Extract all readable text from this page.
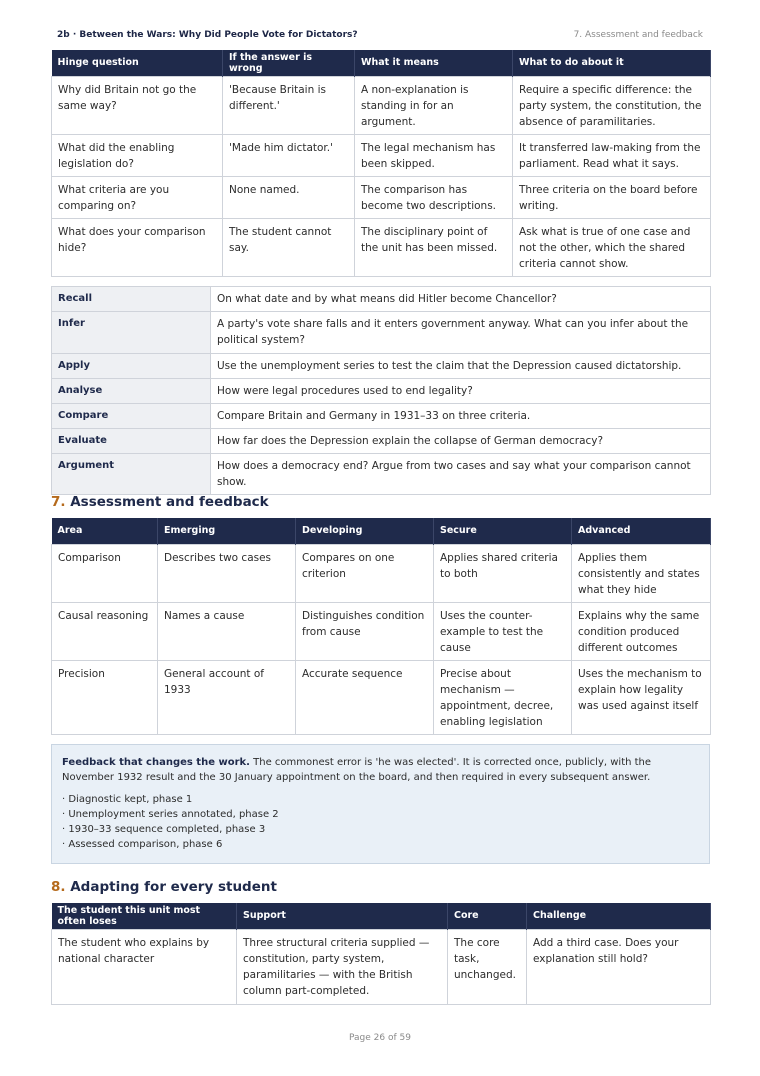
2b · Between the Wars: Why Did People Vote for Dictators?	7. Assessment and feedback
Hinge question	If the answer is wrong	What it means	What to do about it
Why did Britain not go the same way?	'Because Britain is different.'	A non-explanation is standing in for an argument.	Require a specific difference: the party system, the constitution, the absence of paramilitaries.
What did the enabling legislation do?	'Made him dictator.'	The legal mechanism has been skipped.	It transferred law-making from the parliament. Read what it says.
What criteria are you comparing on?	None named.	The comparison has become two descriptions.	Three criteria on the board before writing.
What does your comparison hide?	The student cannot say.	The disciplinary point of the unit has been missed.	Ask what is true of one case and not the other, which the shared criteria cannot show.
Recall	On what date and by what means did Hitler become Chancellor?
Infer	A party's vote share falls and it enters government anyway. What can you infer about the political system?
Apply	Use the unemployment series to test the claim that the Depression caused dictatorship.
Analyse	How were legal procedures used to end legality?
Compare	Compare Britain and Germany in 1931–33 on three criteria.
Evaluate	How far does the Depression explain the collapse of German democracy?
Argument	How does a democracy end? Argue from two cases and say what your comparison cannot show.
7. Assessment and feedback
Area	Emerging	Developing	Secure	Advanced
Comparison	Describes two cases	Compares on one criterion	Applies shared criteria to both	Applies them consistently and states what they hide
Causal reasoning	Names a cause	Distinguishes condition from cause	Uses the counter-example to test the cause	Explains why the same condition produced different outcomes
Precision	General account of 1933	Accurate sequence	Precise about mechanism — appointment, decree, enabling legislation	Uses the mechanism to explain how legality was used against itself

Feedback that changes the work. The commonest error is 'he was elected'. It is corrected once, publicly, with the November 1932 result and the 30 January appointment on the board, and then required in every subsequent answer.

· Diagnostic kept, phase 1
· Unemployment series annotated, phase 2
· 1930–33 sequence completed, phase 3
· Assessed comparison, phase 6
8. Adapting for every student
The student this unit most often loses	Support	Core	Challenge
The student who explains by national character	Three structural criteria supplied — constitution, party system, paramilitaries — with the British column part-completed.	The core task, unchanged.	Add a third case. Does your explanation still hold?
Page 26 of 59
